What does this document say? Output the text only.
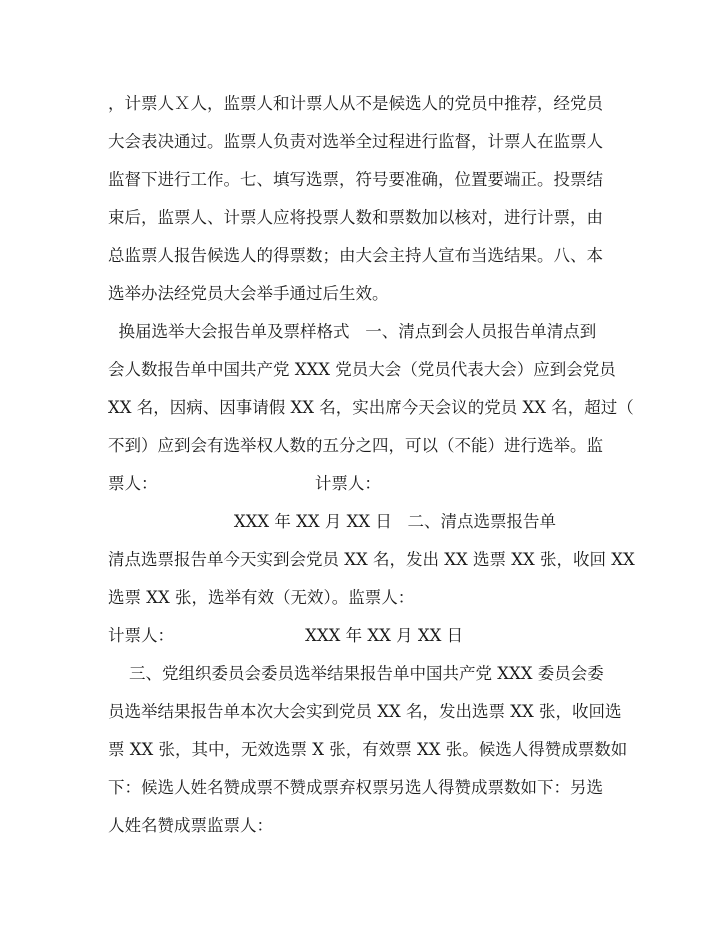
，计票人Ｘ人，监票人和计票人从不是候选人的党员中推荐，经党员

大会表决通过。监票人负责对选举全过程进行监督，计票人在监票人

监督下进行工作。七、填写选票，符号要准确，位置要端正。投票结

束后，监票人、计票人应将投票人数和票数加以核对，进行计票，由

总监票人报告候选人的得票数；由大会主持人宣布当选结果。八、本

选举办法经党员大会举手通过后生效。

换届选举大会报告单及票样格式   一、清点到会人员报告单清点到

会人数报告单中国共产党 XXX 党员大会（党员代表大会）应到会党员

XX 名，因病、因事请假 XX 名，实出席今天会议的党员 XX 名，超过（

不到）应到会有选举权人数的五分之四，可以（不能）进行选举。监

票人：                              计票人：

XXX 年 XX 月 XX 日   二、清点选票报告单

清点选票报告单今天实到会党员 XX 名，发出 XX 选票 XX 张，收回 XX

选票 XX 张，选举有效（无效）。监票人：

计票人：                         XXX 年 XX 月 XX 日

三、党组织委员会委员选举结果报告单中国共产党 XXX 委员会委

员选举结果报告单本次大会实到党员 XX 名，发出选票 XX 张，收回选

票 XX 张，其中，无效选票 X 张，有效票 XX 张。候选人得赞成票数如

下：候选人姓名赞成票不赞成票弃权票另选人得赞成票数如下：另选

人姓名赞成票监票人：
